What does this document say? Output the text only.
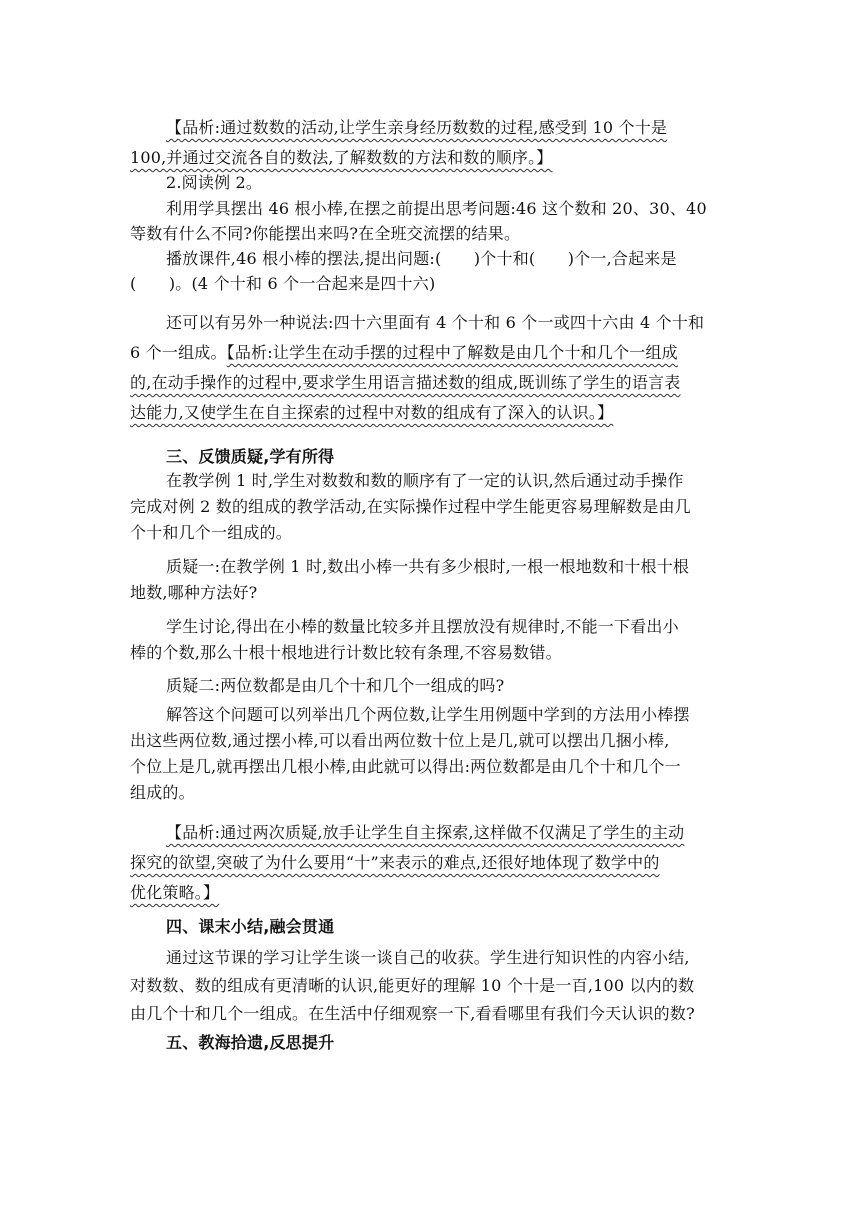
【品析:通过数数的活动,让学生亲身经历数数的过程,感受到 10 个十是
100,并通过交流各自的数法,了解数数的方法和数的顺序。】
2.阅读例 2。
利用学具摆出 46 根小棒,在摆之前提出思考问题:46 这个数和 20、30、40
等数有什么不同?你能摆出来吗?在全班交流摆的结果。
播放课件,46 根小棒的摆法,提出问题:(　　)个十和(　　)个一,合起来是
(　　)。(4 个十和 6 个一合起来是四十六)
还可以有另外一种说法:四十六里面有 4 个十和 6 个一或四十六由 4 个十和
6 个一组成。【品析:让学生在动手摆的过程中了解数是由几个十和几个一组成
的,在动手操作的过程中,要求学生用语言描述数的组成,既训练了学生的语言表
达能力,又使学生在自主探索的过程中对数的组成有了深入的认识。】
三、反馈质疑,学有所得
在教学例 1 时,学生对数数和数的顺序有了一定的认识,然后通过动手操作
完成对例 2 数的组成的教学活动,在实际操作过程中学生能更容易理解数是由几
个十和几个一组成的。
质疑一:在教学例 1 时,数出小棒一共有多少根时,一根一根地数和十根十根
地数,哪种方法好?
学生讨论,得出在小棒的数量比较多并且摆放没有规律时,不能一下看出小
棒的个数,那么十根十根地进行计数比较有条理,不容易数错。
质疑二:两位数都是由几个十和几个一组成的吗?
解答这个问题可以列举出几个两位数,让学生用例题中学到的方法用小棒摆
出这些两位数,通过摆小棒,可以看出两位数十位上是几,就可以摆出几捆小棒,
个位上是几,就再摆出几根小棒,由此就可以得出:两位数都是由几个十和几个一
组成的。
【品析:通过两次质疑,放手让学生自主探索,这样做不仅满足了学生的主动
探究的欲望,突破了为什么要用“十”来表示的难点,还很好地体现了数学中的
优化策略。】
四、课末小结,融会贯通
通过这节课的学习让学生谈一谈自己的收获。学生进行知识性的内容小结,
对数数、数的组成有更清晰的认识,能更好的理解 10 个十是一百,100 以内的数
由几个十和几个一组成。在生活中仔细观察一下,看看哪里有我们今天认识的数?
五、教海拾遗,反思提升
